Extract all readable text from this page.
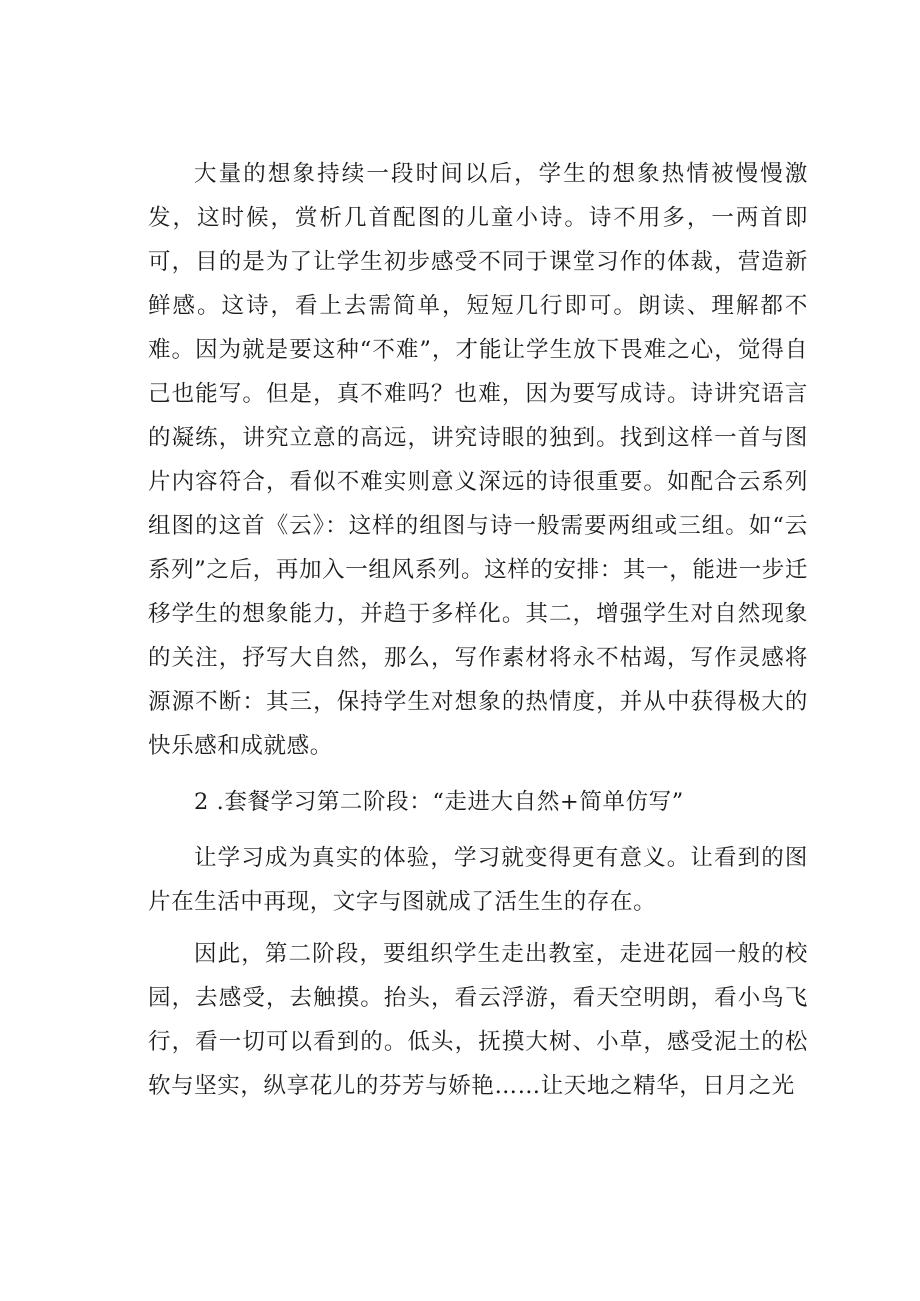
大量的想象持续一段时间以后，学生的想象热情被慢慢激发，这时候，赏析几首配图的儿童小诗。诗不用多，一两首即可，目的是为了让学生初步感受不同于课堂习作的体裁，营造新鲜感。这诗，看上去需简单，短短几行即可。朗读、理解都不难。因为就是要这种“不难”，才能让学生放下畏难之心，觉得自己也能写。但是，真不难吗？也难，因为要写成诗。诗讲究语言的凝练，讲究立意的高远，讲究诗眼的独到。找到这样一首与图片内容符合，看似不难实则意义深远的诗很重要。如配合云系列组图的这首《云》：这样的组图与诗一般需要两组或三组。如“云系列”之后，再加入一组风系列。这样的安排：其一，能进一步迁移学生的想象能力，并趋于多样化。其二，增强学生对自然现象的关注，抒写大自然，那么，写作素材将永不枯竭，写作灵感将源源不断：其三，保持学生对想象的热情度，并从中获得极大的快乐感和成就感。

2 .套餐学习第二阶段：“走进大自然+简单仿写”

让学习成为真实的体验，学习就变得更有意义。让看到的图片在生活中再现，文字与图就成了活生生的存在。

因此，第二阶段，要组织学生走出教室，走进花园一般的校园，去感受，去触摸。抬头，看云浮游，看天空明朗，看小鸟飞行，看一切可以看到的。低头，抚摸大树、小草，感受泥土的松软与坚实，纵享花儿的芬芳与娇艳……让天地之精华，日月之光
